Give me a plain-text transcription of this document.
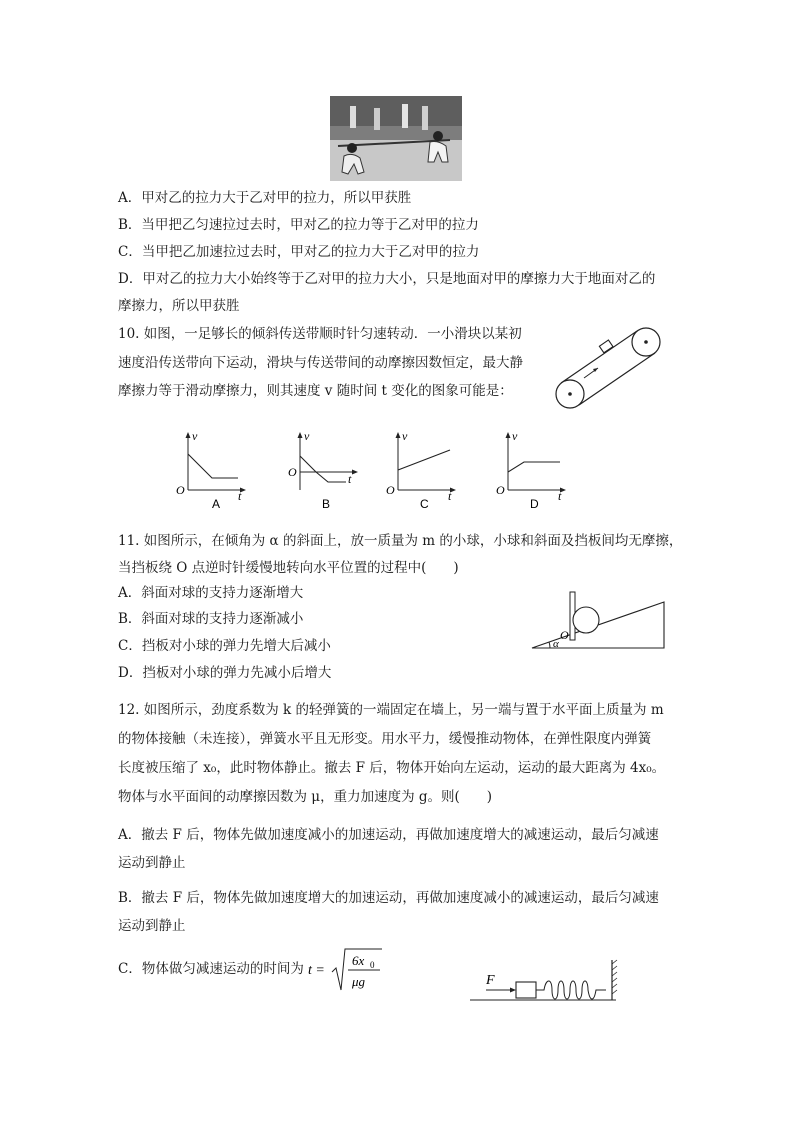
A．甲对乙的拉力大于乙对甲的拉力，所以甲获胜
B．当甲把乙匀速拉过去时，甲对乙的拉力等于乙对甲的拉力
C．当甲把乙加速拉过去时，甲对乙的拉力大于乙对甲的拉力
D．甲对乙的拉力大小始终等于乙对甲的拉力大小，只是地面对甲的摩擦力大于地面对乙的
摩擦力，所以甲获胜
10. 如图，一足够长的倾斜传送带顺时针匀速转动．一小滑块以某初
速度沿传送带向下运动，滑块与传送带间的动摩擦因数恒定，最大静
摩擦力等于滑动摩擦力，则其速度 v 随时间 t 变化的图象可能是：
v
t
O
A
v
t
O
B
v
t
O
C
v
t
O
D
11. 如图所示，在倾角为 α 的斜面上，放一质量为 m 的小球，小球和斜面及挡板间均无摩擦，
当挡板绕 O 点逆时针缓慢地转向水平位置的过程中(　　)
A．斜面对球的支持力逐渐增大
B．斜面对球的支持力逐渐减小
C．挡板对小球的弹力先增大后减小
D．挡板对小球的弹力先减小后增大
O
α
12. 如图所示，劲度系数为 k 的轻弹簧的一端固定在墙上，另一端与置于水平面上质量为 m
的物体接触（未连接），弹簧水平且无形变。用水平力，缓慢推动物体，在弹性限度内弹簧
长度被压缩了 x₀，此时物体静止。撤去 F 后，物体开始向左运动，运动的最大距离为 4x₀。
物体与水平面间的动摩擦因数为 μ，重力加速度为 g。则(　　)
A．撤去 F 后，物体先做加速度减小的加速运动，再做加速度增大的减速运动，最后匀减速
运动到静止
B．撤去 F 后，物体先做加速度增大的加速运动，再做加速度减小的减速运动，最后匀减速
运动到静止
C．物体做匀减速运动的时间为 t =
6x 0
μg	F
